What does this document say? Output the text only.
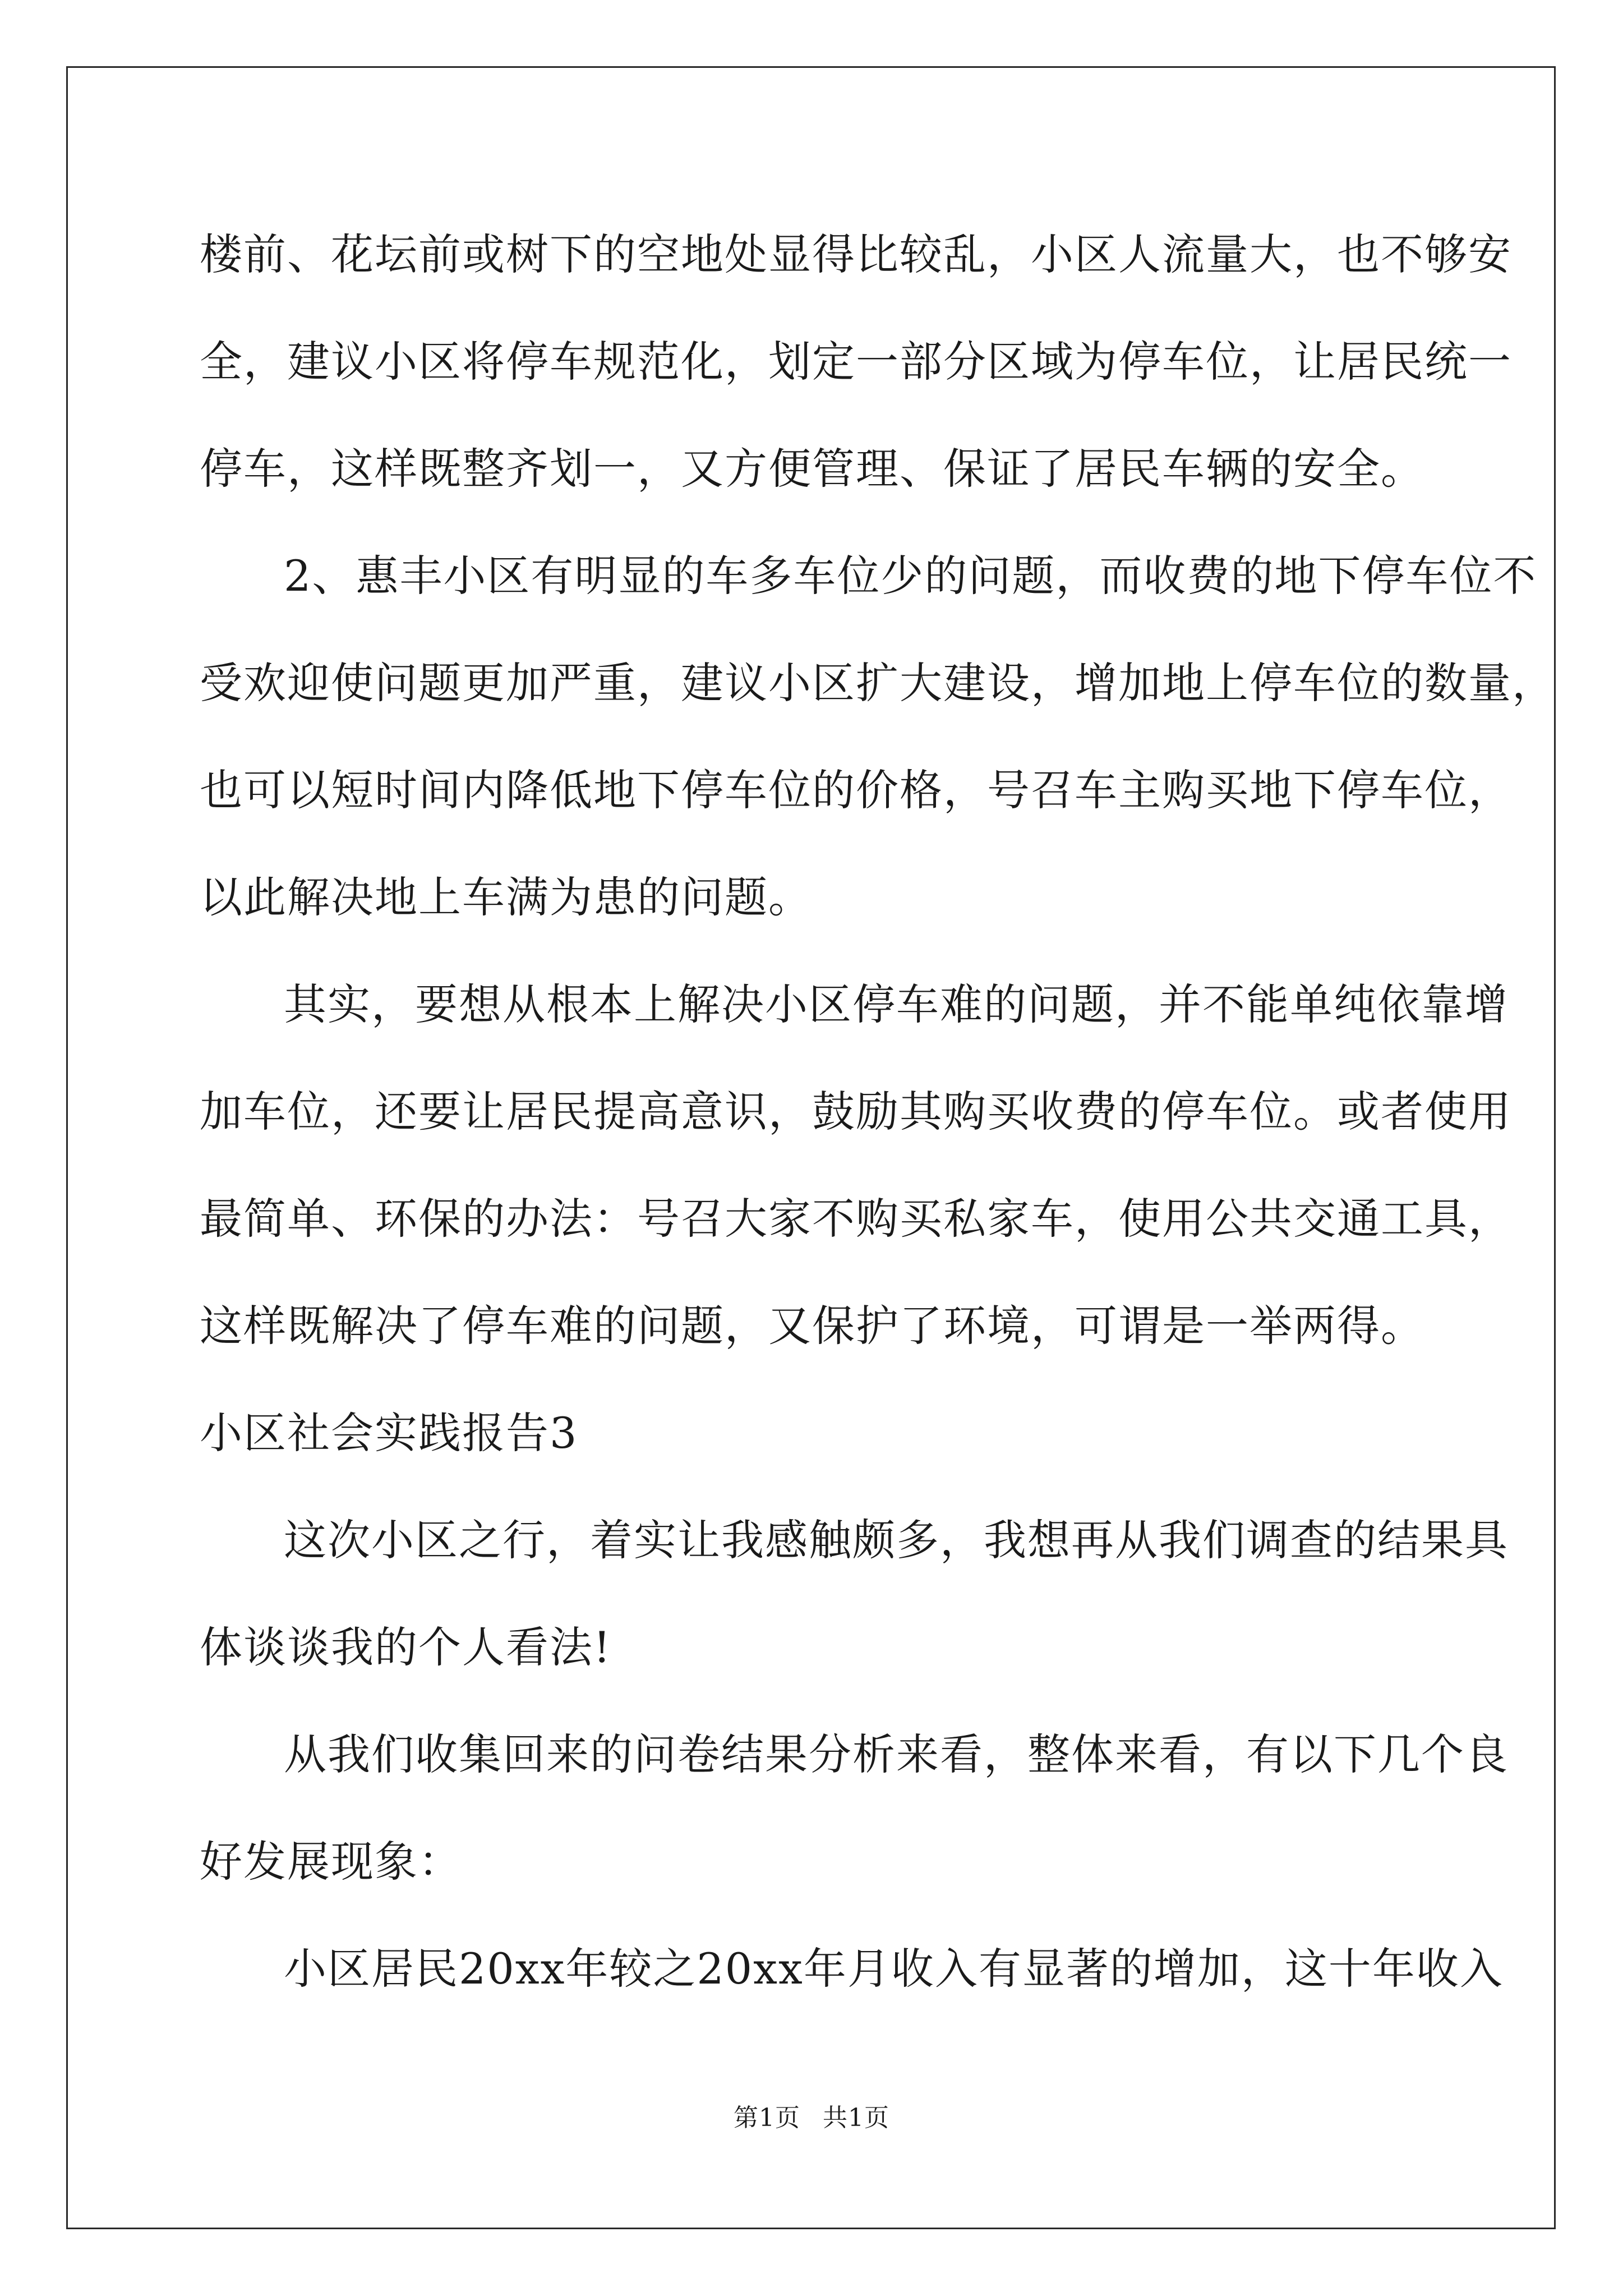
楼前、花坛前或树下的空地处显得比较乱，小区人流量大，也不够安
全，建议小区将停车规范化，划定一部分区域为停车位，让居民统一
停车，这样既整齐划一，又方便管理、保证了居民车辆的安全。
2、惠丰小区有明显的车多车位少的问题，而收费的地下停车位不
受欢迎使问题更加严重，建议小区扩大建设，增加地上停车位的数量，
也可以短时间内降低地下停车位的价格，号召车主购买地下停车位，
以此解决地上车满为患的问题。
其实，要想从根本上解决小区停车难的问题，并不能单纯依靠增
加车位，还要让居民提高意识，鼓励其购买收费的停车位。或者使用
最简单、环保的办法：号召大家不购买私家车，使用公共交通工具，
这样既解决了停车难的问题，又保护了环境，可谓是一举两得。
小区社会实践报告3
这次小区之行，着实让我感触颇多，我想再从我们调查的结果具
体谈谈我的个人看法!
从我们收集回来的问卷结果分析来看，整体来看，有以下几个良
好发展现象：
小区居民20xx年较之20xx年月收入有显著的增加，这十年收入
第1页 共1页
